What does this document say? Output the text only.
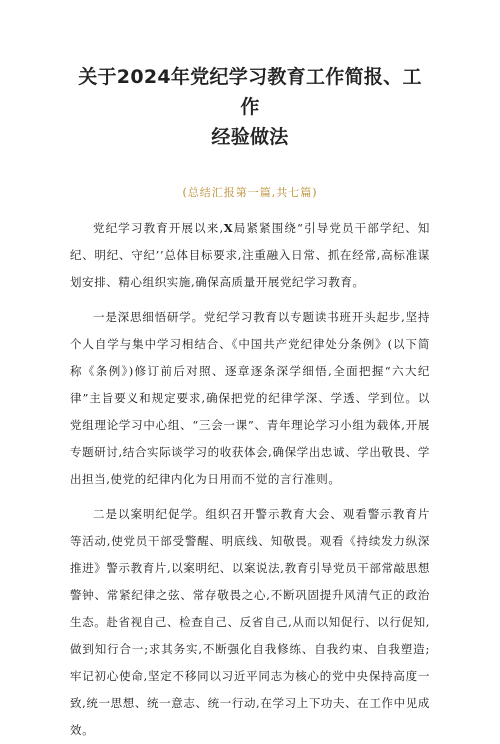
关于2024年党纪学习教育工作简报、工作
经验做法
(总结汇报第一篇,共七篇)

党纪学习教育开展以来,X局紧紧围绕“引导党员干部学纪、知纪、明纪、守纪’’总体目标要求,注重融入日常、抓在经常,高标准谋划安排、精心组织实施,确保高质量开展党纪学习教育。

一是深思细悟研学。党纪学习教育以专题读书班开头起步,坚持个人自学与集中学习相结合、《中国共产党纪律处分条例》(以下简称《条例》)修订前后对照、逐章逐条深学细悟,全面把握“六大纪律”主旨要义和规定要求,确保把党的纪律学深、学透、学到位。以党组理论学习中心组、“三会一课”、青年理论学习小组为载体,开展专题研讨,结合实际谈学习的收获体会,确保学出忠诚、学出敬畏、学出担当,使党的纪律内化为日用而不觉的言行准则。

二是以案明纪促学。组织召开警示教育大会、观看警示教育片等活动,使党员干部受警醒、明底线、知敬畏。观看《持续发力纵深推进》警示教育片,以案明纪、以案说法,教育引导党员干部常敲思想警钟、常紧纪律之弦、常存敬畏之心,不断巩固提升风清气正的政治生态。赴省视自己、检查自己、反省自己,从而以知促行、以行促知,做到知行合一;求其务实,不断强化自我修练、自我约束、自我塑造;牢记初心使命,坚定不移同以习近平同志为核心的党中央保持高度一致,统一思想、统一意志、统一行动,在学习上下功夫、在工作中见成效。
